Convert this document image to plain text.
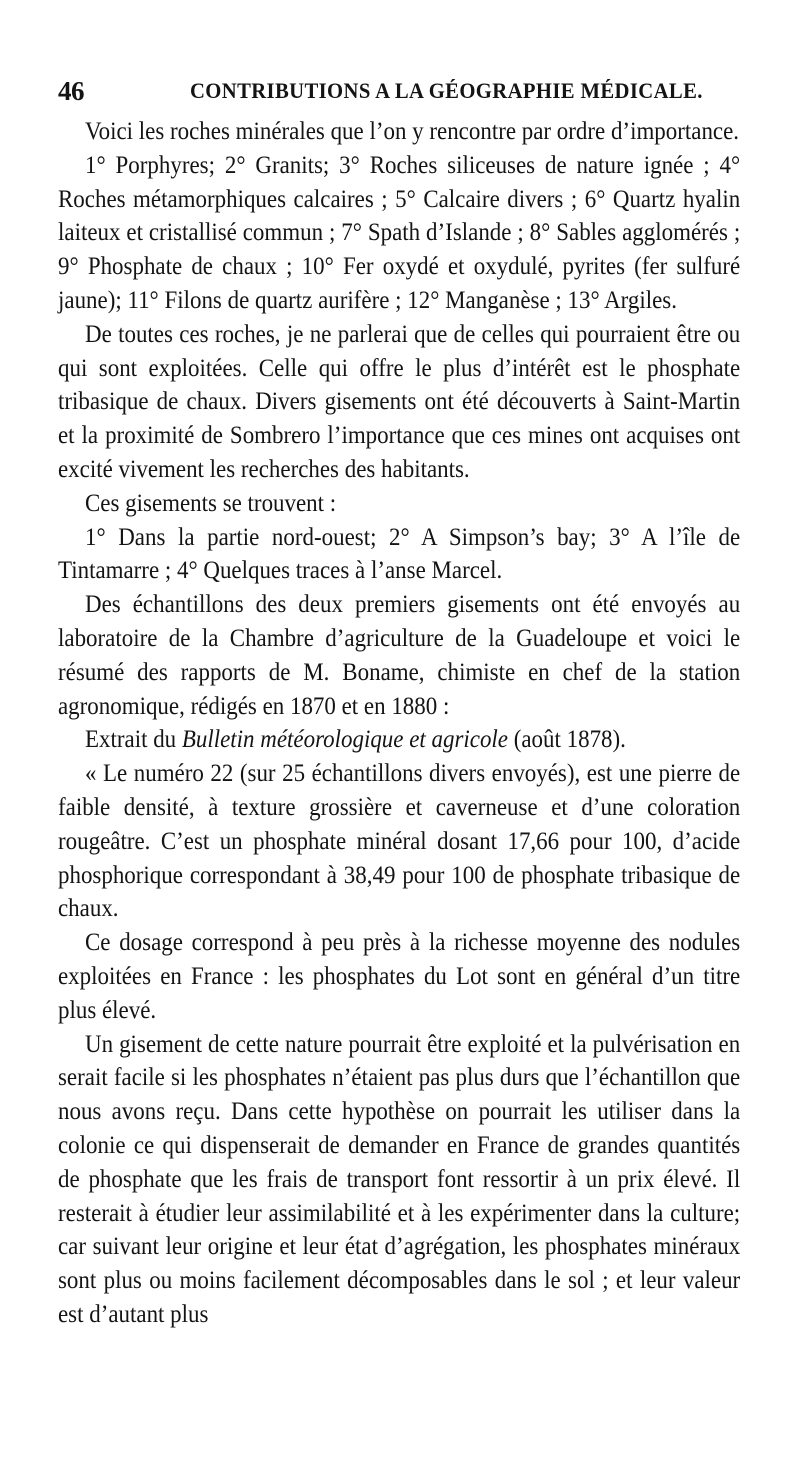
46	CONTRIBUTIONS A LA GÉOGRAPHIE MÉDICALE.

Voici les roches minérales que l’on y rencontre par ordre d’importance.

1° Porphyres; 2° Granits; 3° Roches siliceuses de nature ignée ; 4° Roches métamorphiques calcaires ; 5° Calcaire divers ; 6° Quartz hyalin laiteux et cristallisé commun ; 7° Spath d’Islande ; 8° Sables agglomérés ; 9° Phosphate de chaux ; 10° Fer oxydé et oxydulé, pyrites (fer sulfuré jaune); 11° Filons de quartz aurifère ; 12° Manganèse ; 13° Argiles.

De toutes ces roches, je ne parlerai que de celles qui pourraient être ou qui sont exploitées. Celle qui offre le plus d’intérêt est le phosphate tribasique de chaux. Divers gisements ont été découverts à Saint-Martin et la proximité de Sombrero l’importance que ces mines ont acquises ont excité vivement les recherches des habitants.

Ces gisements se trouvent :

1° Dans la partie nord-ouest; 2° A Simpson’s bay; 3° A l’île de Tintamarre ; 4° Quelques traces à l’anse Marcel.

Des échantillons des deux premiers gisements ont été envoyés au laboratoire de la Chambre d’agriculture de la Guadeloupe et voici le résumé des rapports de M. Boname, chimiste en chef de la station agronomique, rédigés en 1870 et en 1880 :

Extrait du Bulletin météorologique et agricole (août 1878).

« Le numéro 22 (sur 25 échantillons divers envoyés), est une pierre de faible densité, à texture grossière et caverneuse et d’une coloration rougeâtre. C’est un phosphate minéral dosant 17,66 pour 100, d’acide phosphorique correspondant à 38,49 pour 100 de phosphate tribasique de chaux.

Ce dosage correspond à peu près à la richesse moyenne des nodules exploitées en France : les phosphates du Lot sont en général d’un titre plus élevé.

Un gisement de cette nature pourrait être exploité et la pulvérisation en serait facile si les phosphates n’étaient pas plus durs que l’échantillon que nous avons reçu. Dans cette hypothèse on pourrait les utiliser dans la colonie ce qui dispenserait de demander en France de grandes quantités de phosphate que les frais de transport font ressortir à un prix élevé. Il resterait à étudier leur assimilabilité et à les expérimenter dans la culture; car suivant leur origine et leur état d’agrégation, les phosphates minéraux sont plus ou moins facilement décomposables dans le sol ; et leur valeur est d’autant plus
